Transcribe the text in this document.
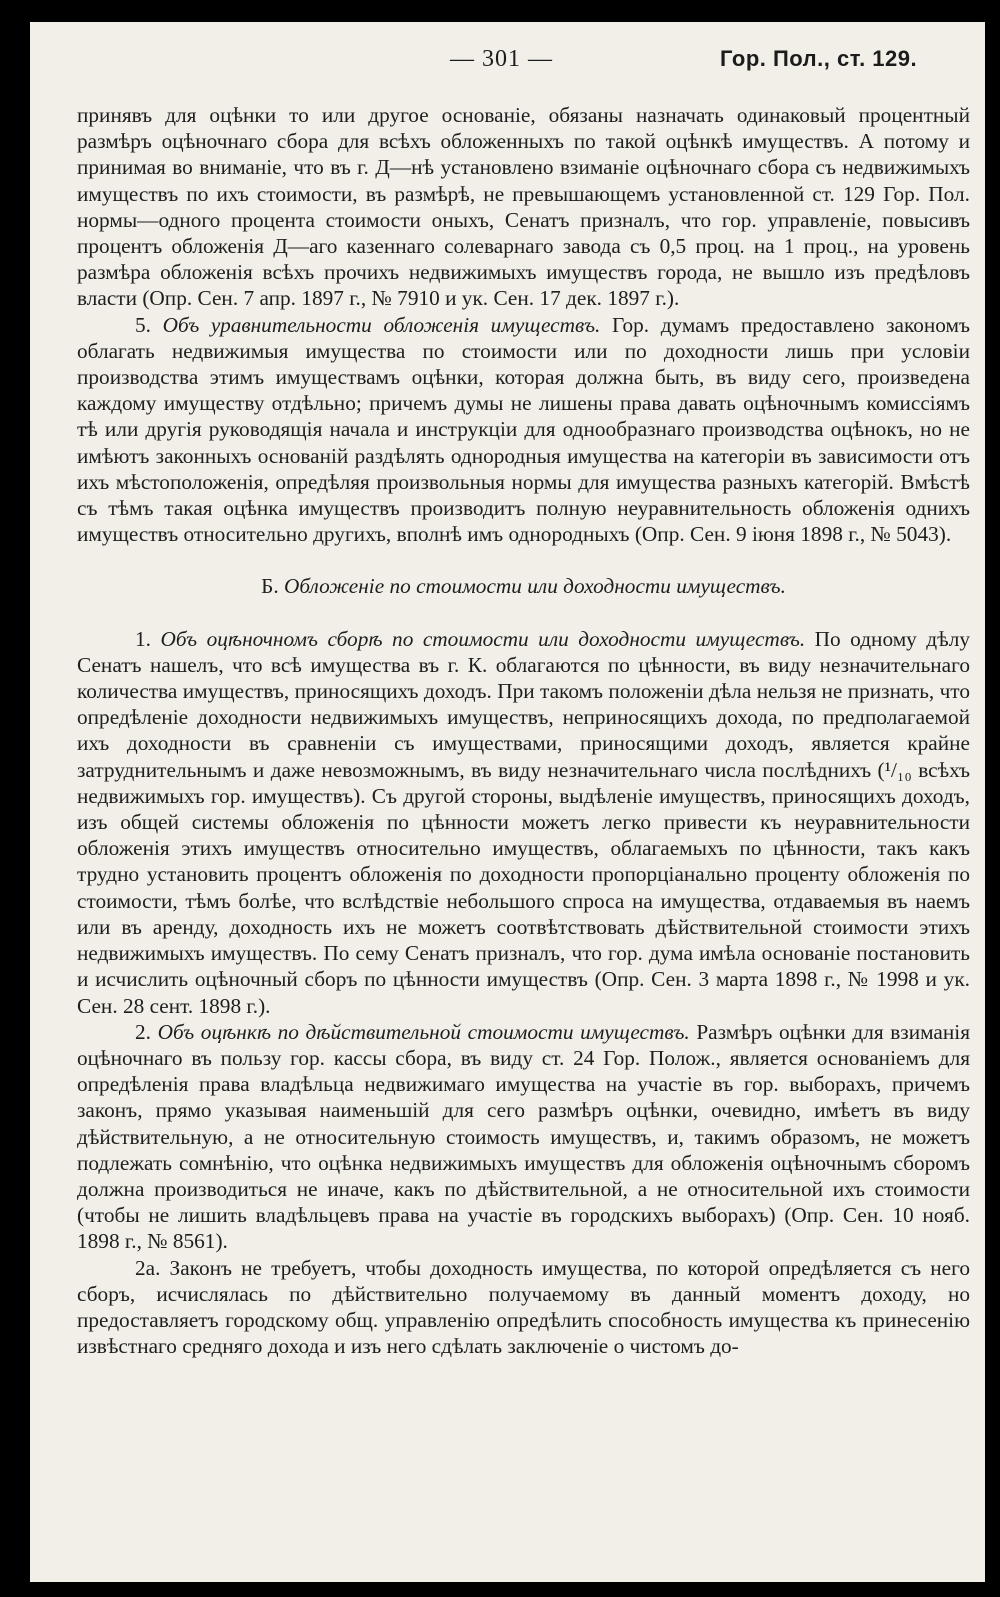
— 301 —	Гор. Пол., ст. 129.

принявъ для оцѣнки то или другое основаніе, обязаны назначать одинаковый процентный размѣръ оцѣночнаго сбора для всѣхъ обложенныхъ по такой оцѣнкѣ имуществъ. А потому и принимая во вниманіе, что въ г. Д—нѣ установлено взиманіе оцѣночнаго сбора съ недвижимыхъ имуществъ по ихъ стоимости, въ размѣрѣ, не превышающемъ установленной ст. 129 Гор. Пол. нормы—одного процента стоимости оныхъ, Сенатъ призналъ, что гор. управленіе, повысивъ процентъ обложенія Д—аго казеннаго солеварнаго завода съ 0,5 проц. на 1 проц., на уровень размѣра обложенія всѣхъ прочихъ недвижимыхъ имуществъ города, не вышло изъ предѣловъ власти (Опр. Сен. 7 апр. 1897 г., № 7910 и ук. Сен. 17 дек. 1897 г.).

5. Объ уравнительности обложенія имуществъ. Гор. думамъ предоставлено закономъ облагать недвижимыя имущества по стоимости или по доходности лишь при условіи производства этимъ имуществамъ оцѣнки, которая должна быть, въ виду сего, произведена каждому имуществу отдѣльно; причемъ думы не лишены права давать оцѣночнымъ комиссіямъ тѣ или другія руководящія начала и инструкціи для однообразнаго производства оцѣнокъ, но не имѣютъ законныхъ основаній раздѣлять однородныя имущества на категоріи въ зависимости отъ ихъ мѣстоположенія, опредѣляя произвольныя нормы для имущества разныхъ категорій. Вмѣстѣ съ тѣмъ такая оцѣнка имуществъ производитъ полную неуравнительность обложенія однихъ имуществъ относительно другихъ, вполнѣ имъ однородныхъ (Опр. Сен. 9 іюня 1898 г., № 5043).

Б. Обложеніе по стоимости или доходности имуществъ.

1. Объ оцѣночномъ сборѣ по стоимости или доходности имуществъ. По одному дѣлу Сенатъ нашелъ, что всѣ имущества въ г. К. облагаются по цѣнности, въ виду незначительнаго количества имуществъ, приносящихъ доходъ. При такомъ положеніи дѣла нельзя не признать, что опредѣленіе доходности недвижимыхъ имуществъ, неприносящихъ дохода, по предполагаемой ихъ доходности въ сравненіи съ имуществами, приносящими доходъ, является крайне затруднительнымъ и даже невозможнымъ, въ виду незначительнаго числа послѣднихъ (¹/₁₀ всѣхъ недвижимыхъ гор. имуществъ). Съ другой стороны, выдѣленіе имуществъ, приносящихъ доходъ, изъ общей системы обложенія по цѣнности можетъ легко привести къ неуравнительности обложенія этихъ имуществъ относительно имуществъ, облагаемыхъ по цѣнности, такъ какъ трудно установить процентъ обложенія по доходности пропорціанально проценту обложенія по стоимости, тѣмъ болѣе, что вслѣдствіе небольшого спроса на имущества, отдаваемыя въ наемъ или въ аренду, доходность ихъ не можетъ соотвѣтствовать дѣйствительной стоимости этихъ недвижимыхъ имуществъ. По сему Сенатъ призналъ, что гор. дума имѣла основаніе постановить и исчислить оцѣночный сборъ по цѣнности имуществъ (Опр. Сен. 3 марта 1898 г., № 1998 и ук. Сен. 28 сент. 1898 г.).

2. Объ оцѣнкѣ по дѣйствительной стоимости имуществъ. Размѣръ оцѣнки для взиманія оцѣночнаго въ пользу гор. кассы сбора, въ виду ст. 24 Гор. Полож., является основаніемъ для опредѣленія права владѣльца недвижимаго имущества на участіе въ гор. выборахъ, причемъ законъ, прямо указывая наименьшій для сего размѣръ оцѣнки, очевидно, имѣетъ въ виду дѣйствительную, а не относительную стоимость имуществъ, и, такимъ образомъ, не можетъ подлежать сомнѣнію, что оцѣнка недвижимыхъ имуществъ для обложенія оцѣночнымъ сборомъ должна производиться не иначе, какъ по дѣйствительной, а не относительной ихъ стоимости (чтобы не лишить владѣльцевъ права на участіе въ городскихъ выборахъ) (Опр. Сен. 10 нояб. 1898 г., № 8561).

2а. Законъ не требуетъ, чтобы доходность имущества, по которой опредѣляется съ него сборъ, исчислялась по дѣйствительно получаемому въ данный моментъ доходу, но предоставляетъ городскому общ. управленію опредѣлить способность имущества къ принесенію извѣстнаго средняго дохода и изъ него сдѣлать заключеніе о чистомъ до-
